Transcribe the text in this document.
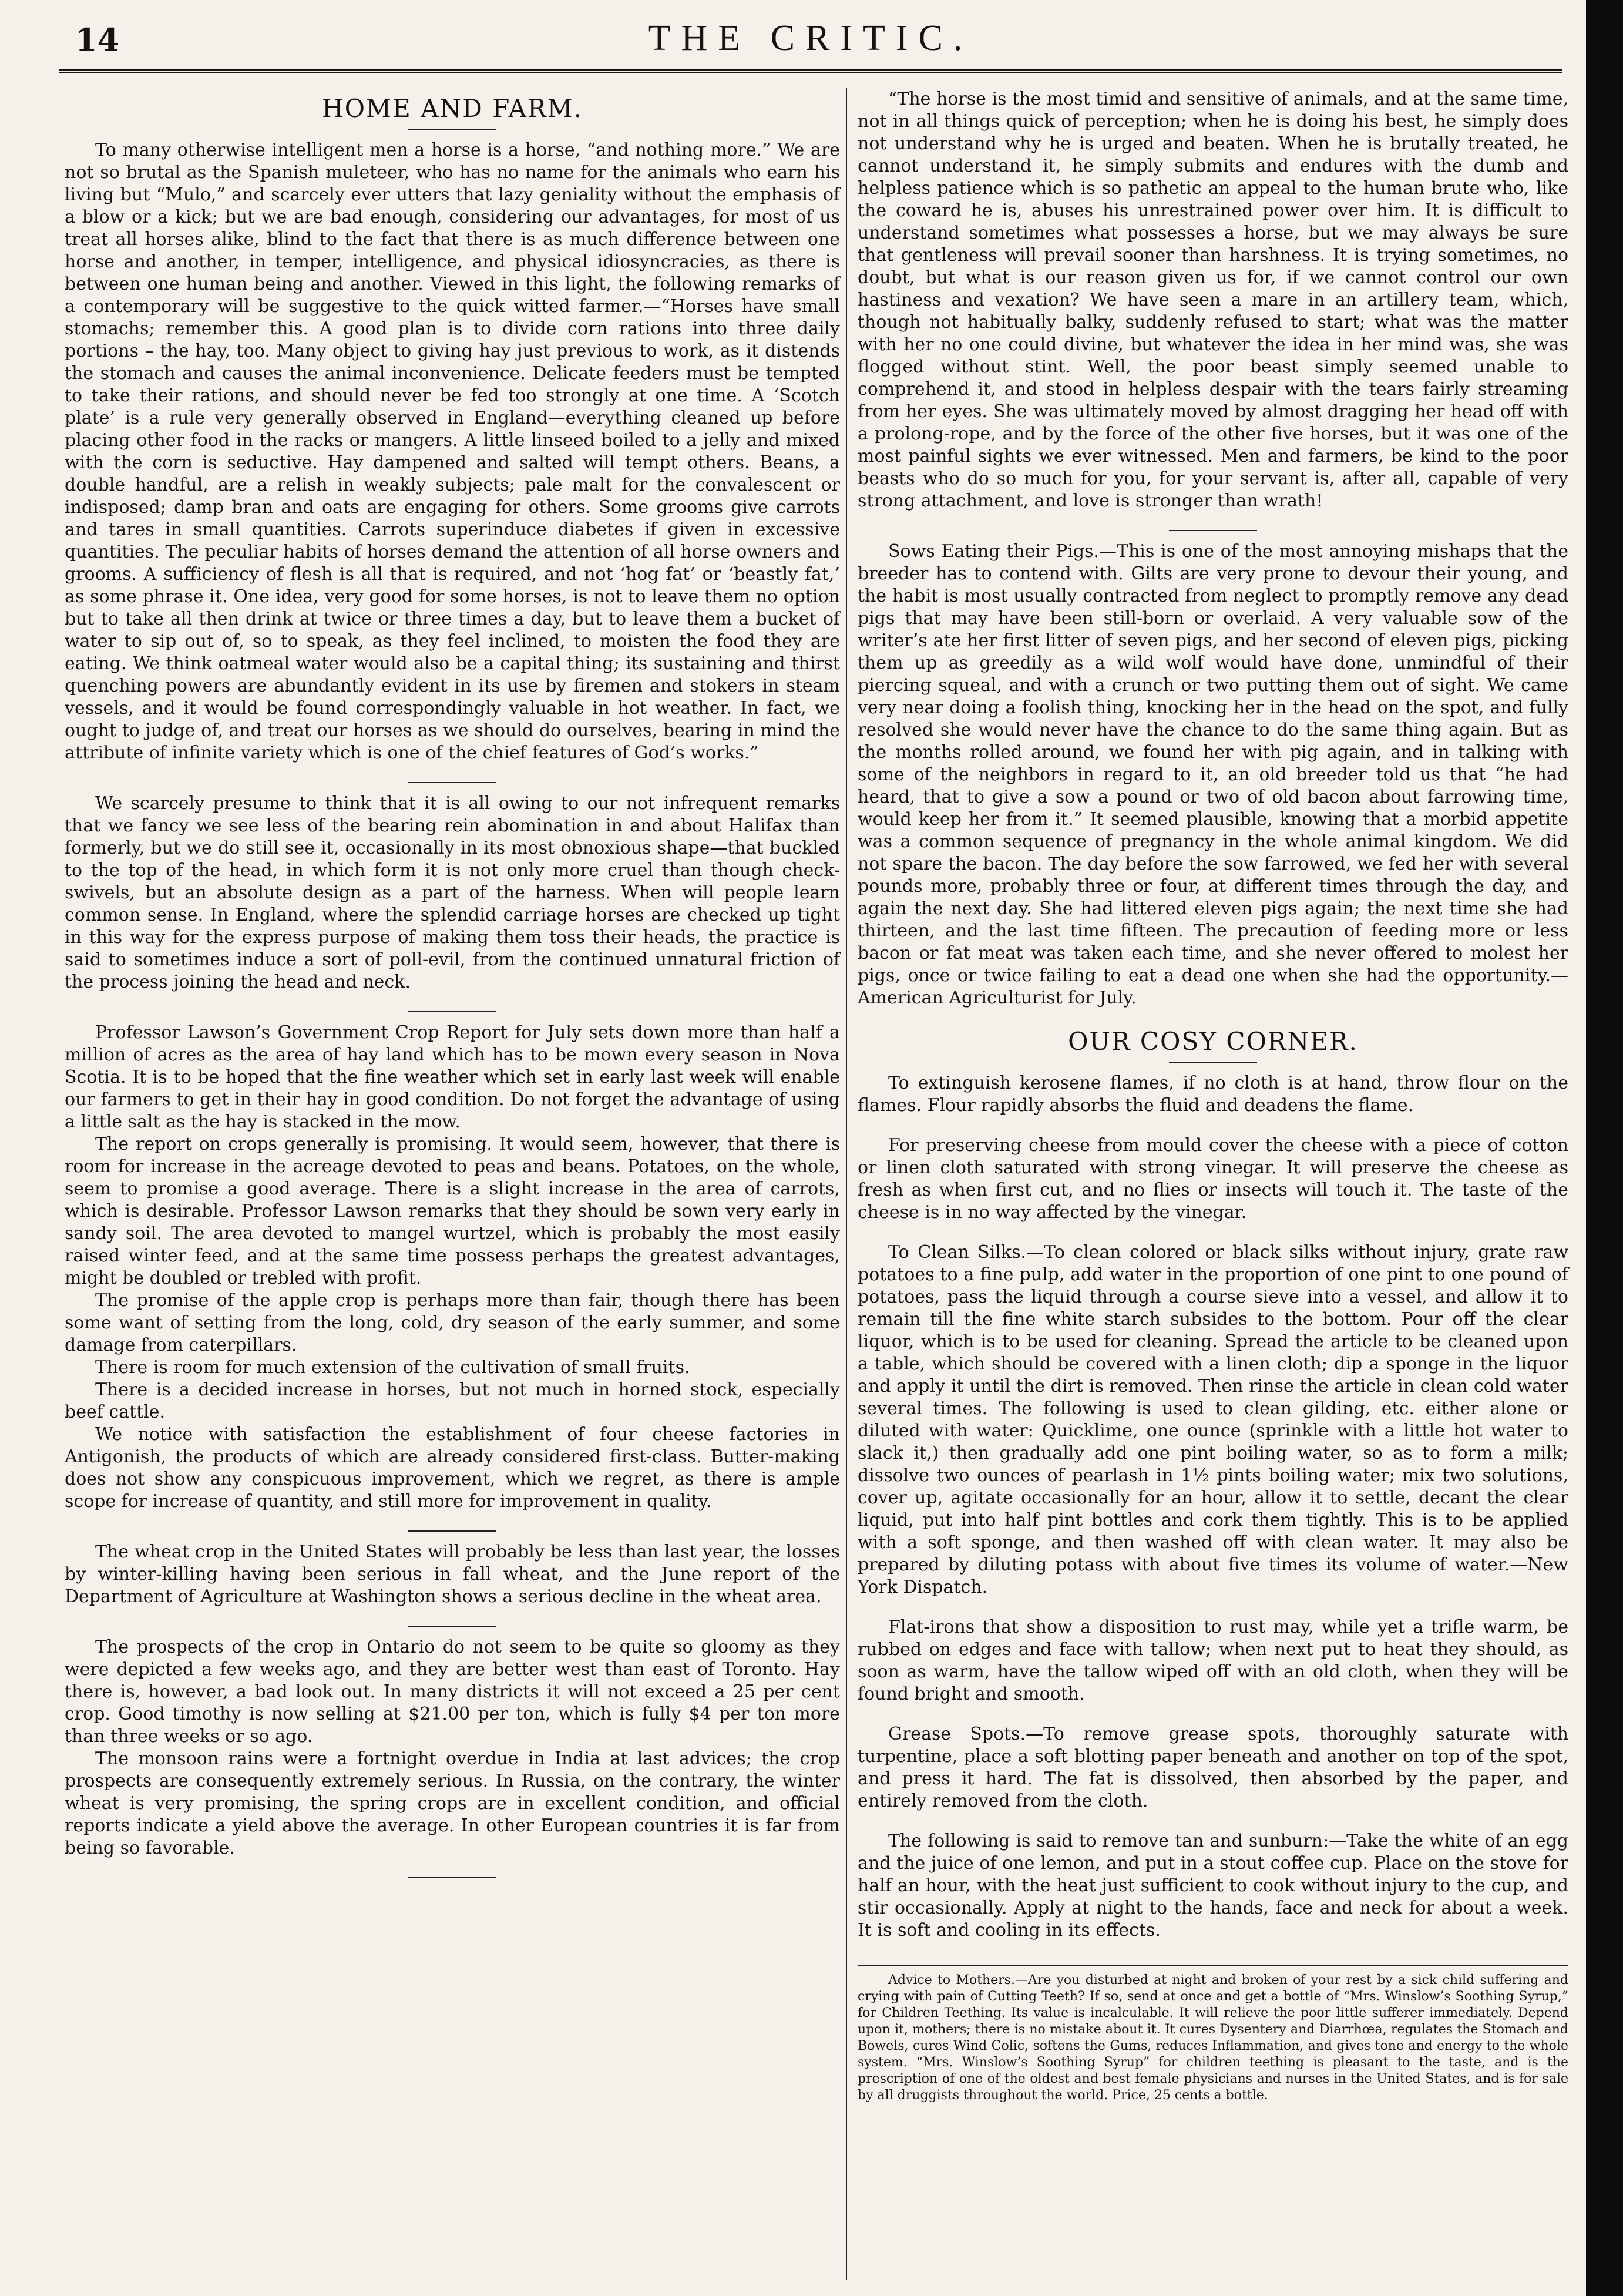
14	THE CRITIC.
HOME AND FARM.

To many otherwise intelligent men a horse is a horse, “and nothing more.” We are not so brutal as the Spanish muleteer, who has no name for the animals who earn his living but “Mulo,” and scarcely ever utters that lazy geniality without the emphasis of a blow or a kick; but we are bad enough, considering our advantages, for most of us treat all horses alike, blind to the fact that there is as much difference between one horse and another, in temper, intelligence, and physical idiosyncracies, as there is between one human being and another. Viewed in this light, the following remarks of a contemporary will be suggestive to the quick witted farmer.—“Horses have small stomachs; remember this. A good plan is to divide corn rations into three daily portions – the hay, too. Many object to giving hay just previous to work, as it distends the stomach and causes the animal inconvenience. Delicate feeders must be tempted to take their rations, and should never be fed too strongly at one time. A ‘Scotch plate’ is a rule very generally observed in England—everything cleaned up before placing other food in the racks or mangers. A little linseed boiled to a jelly and mixed with the corn is seductive. Hay dampened and salted will tempt others. Beans, a double handful, are a relish in weakly subjects; pale malt for the convalescent or indisposed; damp bran and oats are engaging for others. Some grooms give carrots and tares in small quantities. Carrots superinduce diabetes if given in excessive quantities. The peculiar habits of horses demand the attention of all horse owners and grooms. A sufficiency of flesh is all that is required, and not ‘hog fat’ or ‘beastly fat,’ as some phrase it. One idea, very good for some horses, is not to leave them no option but to take all then drink at twice or three times a day, but to leave them a bucket of water to sip out of, so to speak, as they feel inclined, to moisten the food they are eating. We think oatmeal water would also be a capital thing; its sustaining and thirst quenching powers are abundantly evident in its use by firemen and stokers in steam vessels, and it would be found correspondingly valuable in hot weather. In fact, we ought to judge of, and treat our horses as we should do ourselves, bearing in mind the attribute of infinite variety which is one of the chief features of God’s works.”

We scarcely presume to think that it is all owing to our not infrequent remarks that we fancy we see less of the bearing rein abomination in and about Halifax than formerly, but we do still see it, occasionally in its most obnoxious shape—that buckled to the top of the head, in which form it is not only more cruel than though check-swivels, but an absolute design as a part of the harness. When will people learn common sense. In England, where the splendid carriage horses are checked up tight in this way for the express purpose of making them toss their heads, the practice is said to sometimes induce a sort of poll-evil, from the continued unnatural friction of the process joining the head and neck.

Professor Lawson’s Government Crop Report for July sets down more than half a million of acres as the area of hay land which has to be mown every season in Nova Scotia. It is to be hoped that the fine weather which set in early last week will enable our farmers to get in their hay in good condition. Do not forget the advantage of using a little salt as the hay is stacked in the mow.

The report on crops generally is promising. It would seem, however, that there is room for increase in the acreage devoted to peas and beans. Potatoes, on the whole, seem to promise a good average. There is a slight increase in the area of carrots, which is desirable. Professor Lawson remarks that they should be sown very early in sandy soil. The area devoted to mangel wurtzel, which is probably the most easily raised winter feed, and at the same time possess perhaps the greatest advantages, might be doubled or trebled with profit.

The promise of the apple crop is perhaps more than fair, though there has been some want of setting from the long, cold, dry season of the early summer, and some damage from caterpillars.

There is room for much extension of the cultivation of small fruits.

There is a decided increase in horses, but not much in horned stock, especially beef cattle.

We notice with satisfaction the establishment of four cheese factories in Antigonish, the products of which are already considered first-class. Butter-making does not show any conspicuous improvement, which we regret, as there is ample scope for increase of quantity, and still more for improvement in quality.

The wheat crop in the United States will probably be less than last year, the losses by winter-killing having been serious in fall wheat, and the June report of the Department of Agriculture at Washington shows a serious decline in the wheat area.

The prospects of the crop in Ontario do not seem to be quite so gloomy as they were depicted a few weeks ago, and they are better west than east of Toronto. Hay there is, however, a bad look out. In many districts it will not exceed a 25 per cent crop. Good timothy is now selling at $21.00 per ton, which is fully $4 per ton more than three weeks or so ago.

The monsoon rains were a fortnight overdue in India at last advices; the crop prospects are consequently extremely serious. In Russia, on the contrary, the winter wheat is very promising, the spring crops are in excellent condition, and official reports indicate a yield above the average. In other European countries it is far from being so favorable.

“The horse is the most timid and sensitive of animals, and at the same time, not in all things quick of perception; when he is doing his best, he simply does not understand why he is urged and beaten. When he is brutally treated, he cannot understand it, he simply submits and endures with the dumb and helpless patience which is so pathetic an appeal to the human brute who, like the coward he is, abuses his unrestrained power over him. It is difficult to understand sometimes what possesses a horse, but we may always be sure that gentleness will prevail sooner than harshness. It is trying sometimes, no doubt, but what is our reason given us for, if we cannot control our own hastiness and vexation? We have seen a mare in an artillery team, which, though not habitually balky, suddenly refused to start; what was the matter with her no one could divine, but whatever the idea in her mind was, she was flogged without stint. Well, the poor beast simply seemed unable to comprehend it, and stood in helpless despair with the tears fairly streaming from her eyes. She was ultimately moved by almost dragging her head off with a prolong-rope, and by the force of the other five horses, but it was one of the most painful sights we ever witnessed. Men and farmers, be kind to the poor beasts who do so much for you, for your servant is, after all, capable of very strong attachment, and love is stronger than wrath!

Sows Eating their Pigs.—This is one of the most annoying mishaps that the breeder has to contend with. Gilts are very prone to devour their young, and the habit is most usually contracted from neglect to promptly remove any dead pigs that may have been still-born or overlaid. A very valuable sow of the writer’s ate her first litter of seven pigs, and her second of eleven pigs, picking them up as greedily as a wild wolf would have done, unmindful of their piercing squeal, and with a crunch or two putting them out of sight. We came very near doing a foolish thing, knocking her in the head on the spot, and fully resolved she would never have the chance to do the same thing again. But as the months rolled around, we found her with pig again, and in talking with some of the neighbors in regard to it, an old breeder told us that “he had heard, that to give a sow a pound or two of old bacon about farrowing time, would keep her from it.” It seemed plausible, knowing that a morbid appetite was a common sequence of pregnancy in the whole animal kingdom. We did not spare the bacon. The day before the sow farrowed, we fed her with several pounds more, probably three or four, at different times through the day, and again the next day. She had littered eleven pigs again; the next time she had thirteen, and the last time fifteen. The precaution of feeding more or less bacon or fat meat was taken each time, and she never offered to molest her pigs, once or twice failing to eat a dead one when she had the opportunity.—American Agriculturist for July.

OUR COSY CORNER.

To extinguish kerosene flames, if no cloth is at hand, throw flour on the flames. Flour rapidly absorbs the fluid and deadens the flame.

For preserving cheese from mould cover the cheese with a piece of cotton or linen cloth saturated with strong vinegar. It will preserve the cheese as fresh as when first cut, and no flies or insects will touch it. The taste of the cheese is in no way affected by the vinegar.

To Clean Silks.—To clean colored or black silks without injury, grate raw potatoes to a fine pulp, add water in the proportion of one pint to one pound of potatoes, pass the liquid through a course sieve into a vessel, and allow it to remain till the fine white starch subsides to the bottom. Pour off the clear liquor, which is to be used for cleaning. Spread the article to be cleaned upon a table, which should be covered with a linen cloth; dip a sponge in the liquor and apply it until the dirt is removed. Then rinse the article in clean cold water several times. The following is used to clean gilding, etc. either alone or diluted with water: Quicklime, one ounce (sprinkle with a little hot water to slack it,) then gradually add one pint boiling water, so as to form a milk; dissolve two ounces of pearlash in 1½ pints boiling water; mix two solutions, cover up, agitate occasionally for an hour, allow it to settle, decant the clear liquid, put into half pint bottles and cork them tightly. This is to be applied with a soft sponge, and then washed off with clean water. It may also be prepared by diluting potass with about five times its volume of water.—New York Dispatch.

Flat-irons that show a disposition to rust may, while yet a trifle warm, be rubbed on edges and face with tallow; when next put to heat they should, as soon as warm, have the tallow wiped off with an old cloth, when they will be found bright and smooth.

Grease Spots.—To remove grease spots, thoroughly saturate with turpentine, place a soft blotting paper beneath and another on top of the spot, and press it hard. The fat is dissolved, then absorbed by the paper, and entirely removed from the cloth.

The following is said to remove tan and sunburn:—Take the white of an egg and the juice of one lemon, and put in a stout coffee cup. Place on the stove for half an hour, with the heat just sufficient to cook without injury to the cup, and stir occasionally. Apply at night to the hands, face and neck for about a week. It is soft and cooling in its effects.

Advice to Mothers.—Are you disturbed at night and broken of your rest by a sick child suffering and crying with pain of Cutting Teeth? If so, send at once and get a bottle of “Mrs. Winslow’s Soothing Syrup,” for Children Teething. Its value is incalculable. It will relieve the poor little sufferer immediately. Depend upon it, mothers; there is no mistake about it. It cures Dysentery and Diarrhœa, regulates the Stomach and Bowels, cures Wind Colic, softens the Gums, reduces Inflammation, and gives tone and energy to the whole system. “Mrs. Winslow’s Soothing Syrup” for children teething is pleasant to the taste, and is the prescription of one of the oldest and best female physicians and nurses in the United States, and is for sale by all druggists throughout the world. Price, 25 cents a bottle.
